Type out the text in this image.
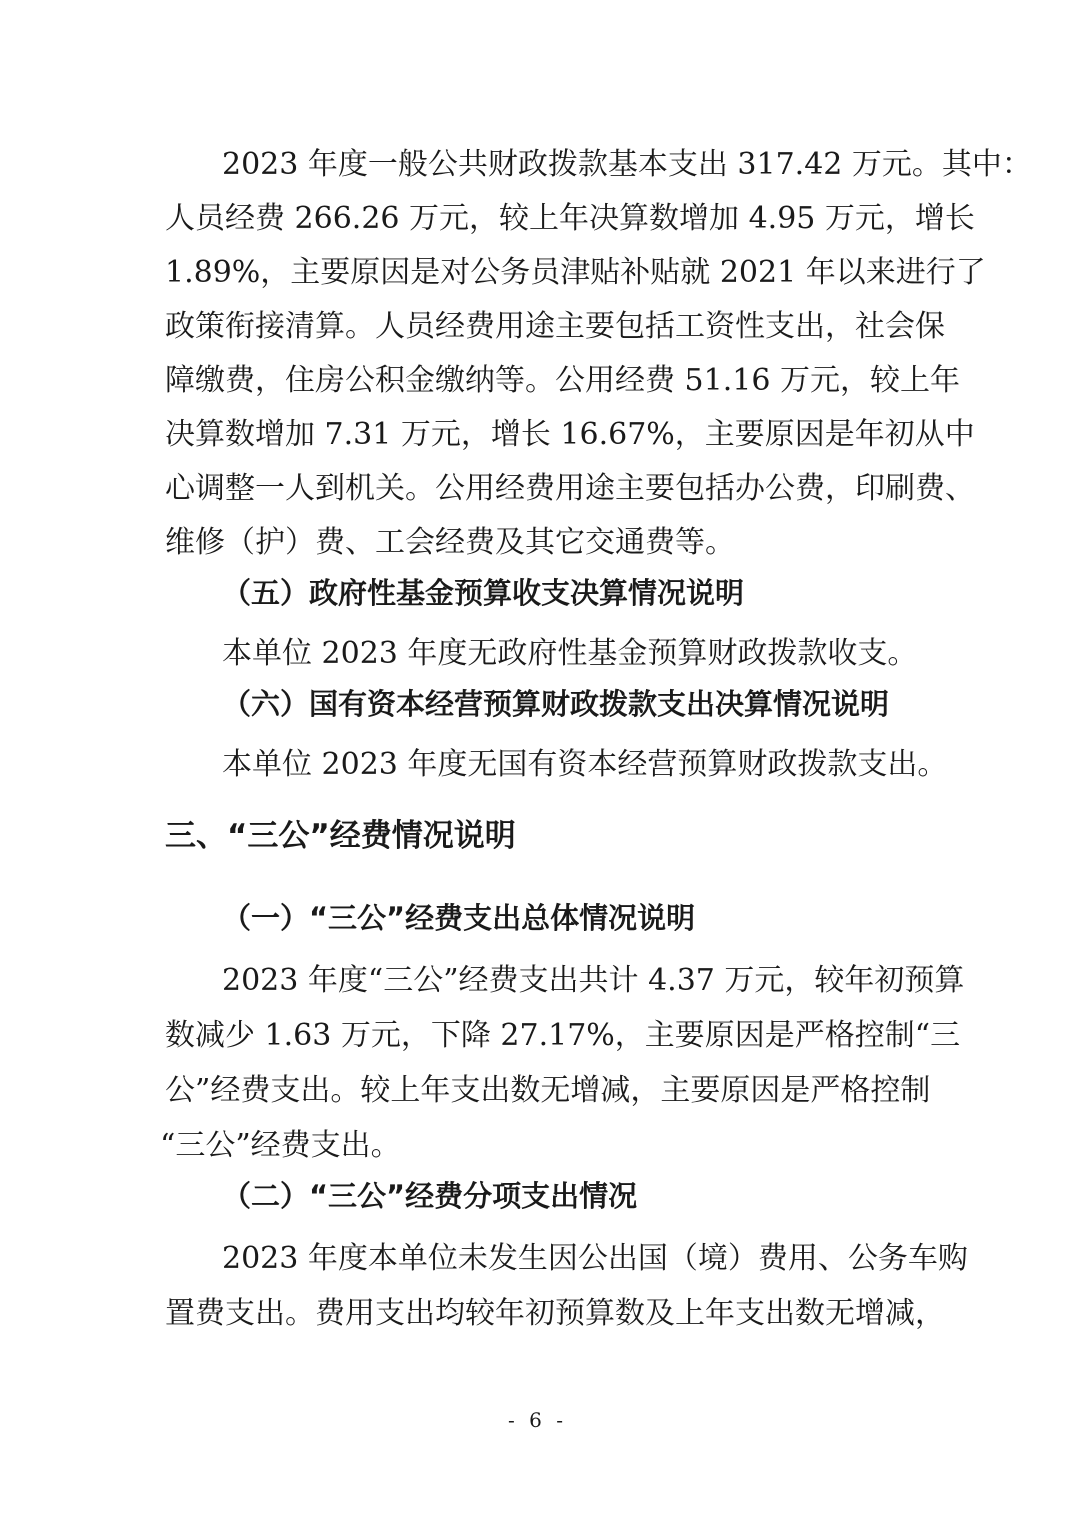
2023 年度一般公共财政拨款基本支出 317.42 万元。其中：

人员经费 266.26 万元，较上年决算数增加 4.95 万元，增长

1.89%，主要原因是对公务员津贴补贴就 2021 年以来进行了

政策衔接清算。人员经费用途主要包括工资性支出，社会保

障缴费，住房公积金缴纳等。公用经费 51.16 万元，较上年

决算数增加 7.31 万元，增长 16.67%，主要原因是年初从中

心调整一人到机关。公用经费用途主要包括办公费，印刷费、

维修（护）费、工会经费及其它交通费等。

（五）政府性基金预算收支决算情况说明

本单位 2023 年度无政府性基金预算财政拨款收支。

（六）国有资本经营预算财政拨款支出决算情况说明

本单位 2023 年度无国有资本经营预算财政拨款支出。

三、“三公”经费情况说明

（一）“三公”经费支出总体情况说明

2023 年度“三公”经费支出共计 4.37 万元，较年初预算

数减少 1.63 万元，下降 27.17%，主要原因是严格控制“三

公”经费支出。较上年支出数无增减，主要原因是严格控制

“三公”经费支出。

（二）“三公”经费分项支出情况

2023 年度本单位未发生因公出国（境）费用、公务车购

置费支出。费用支出均较年初预算数及上年支出数无增减，

- 6 -
